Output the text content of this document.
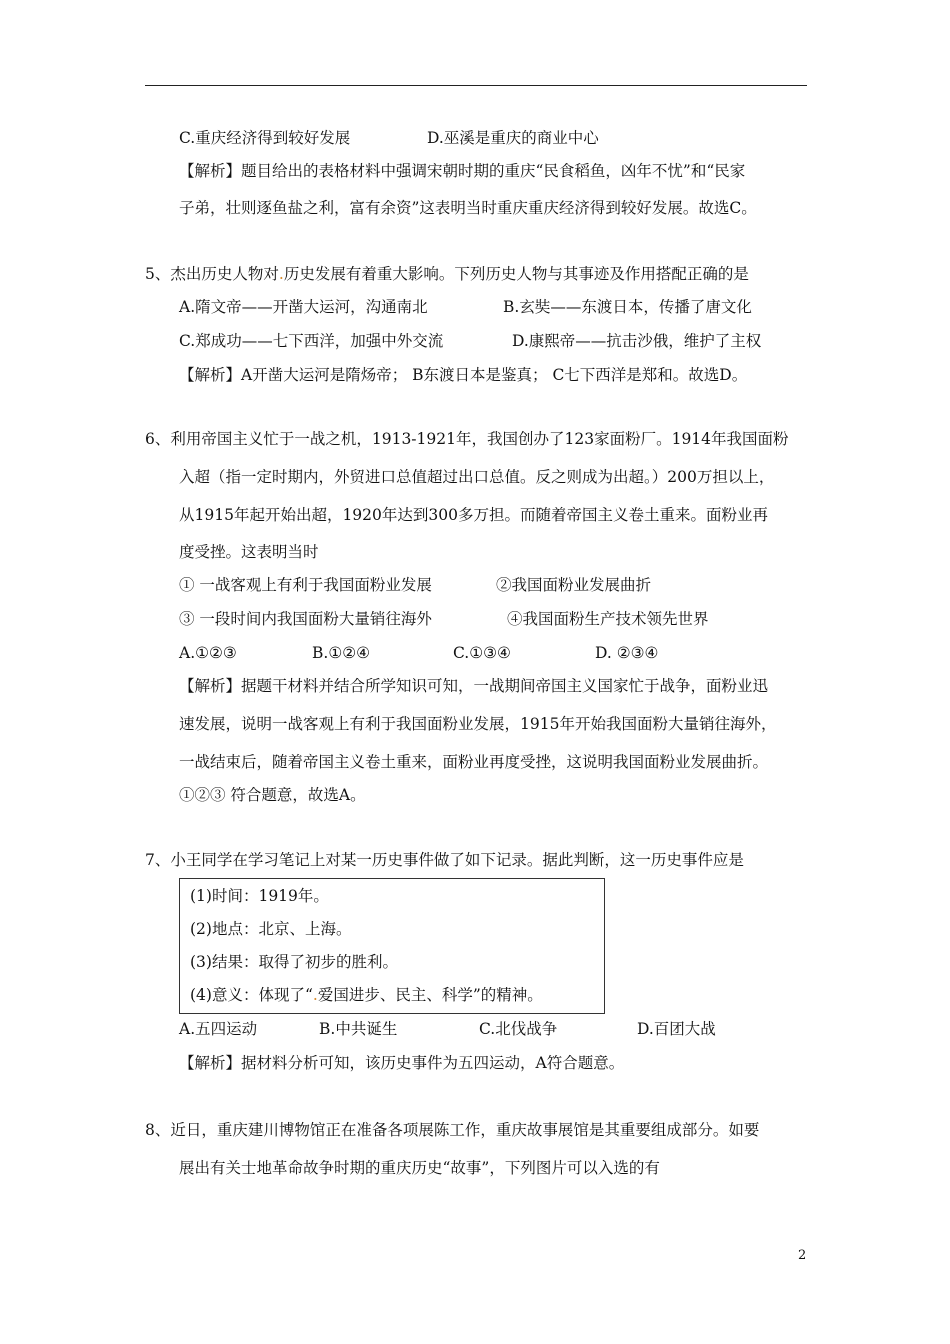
C.重庆经济得到较好发展	D.巫溪是重庆的商业中心
【解析】题目给出的表格材料中强调宋朝时期的重庆“民食稻鱼，凶年不忧”和“民家
子弟，壮则逐鱼盐之利，富有余资”这表明当时重庆重庆经济得到较好发展。故选C。
5、杰出历史人物对.历史发展有着重大影响。下列历史人物与其事迹及作用搭配正确的是
A.隋文帝——开凿大运河，沟通南北	B.玄奘——东渡日本，传播了唐文化
C.郑成功——七下西洋，加强中外交流	D.康熙帝——抗击沙俄，维护了主权
【解析】A开凿大运河是隋炀帝； B东渡日本是鉴真； C七下西洋是郑和。故选D。
6、利用帝国主义忙于一战之机，1913-1921年，我国创办了123家面粉厂。1914年我国面粉
入超（指一定时期内，外贸进口总值超过出口总值。反之则成为出超。）200万担以上，
从1915年起开始出超，1920年达到300多万担。而随着帝国主义卷土重来。面粉业再
度受挫。这表明当时
① 一战客观上有利于我国面粉业发展	②我国面粉业发展曲折
③ 一段时间内我国面粉大量销往海外	④我国面粉生产技术领先世界
A.①②③	B.①②④	C.①③④	D. ②③④
【解析】据题干材料并结合所学知识可知，一战期间帝国主义国家忙于战争，面粉业迅
速发展，说明一战客观上有利于我国面粉业发展，1915年开始我国面粉大量销往海外，
一战结束后，随着帝国主义卷土重来，面粉业再度受挫，这说明我国面粉业发展曲折。
①②③ 符合题意，故选A。
7、小王同学在学习笔记上对某一历史事件做了如下记录。据此判断，这一历史事件应是
(1)时间：1919年。
(2)地点：北京、上海。
(3)结果：取得了初步的胜利。
(4)意义：体现了“.爱国进步、民主、科学”的精神。
A.五四运动	B.中共诞生	C.北伐战争	D.百团大战
【解析】据材料分析可知，该历史事件为五四运动，A符合题意。
8、近日，重庆建川博物馆正在准备各项展陈工作，重庆故事展馆是其重要组成部分。如要
展出有关士地革命故争时期的重庆历史“故事”，下列图片可以入选的有
2
